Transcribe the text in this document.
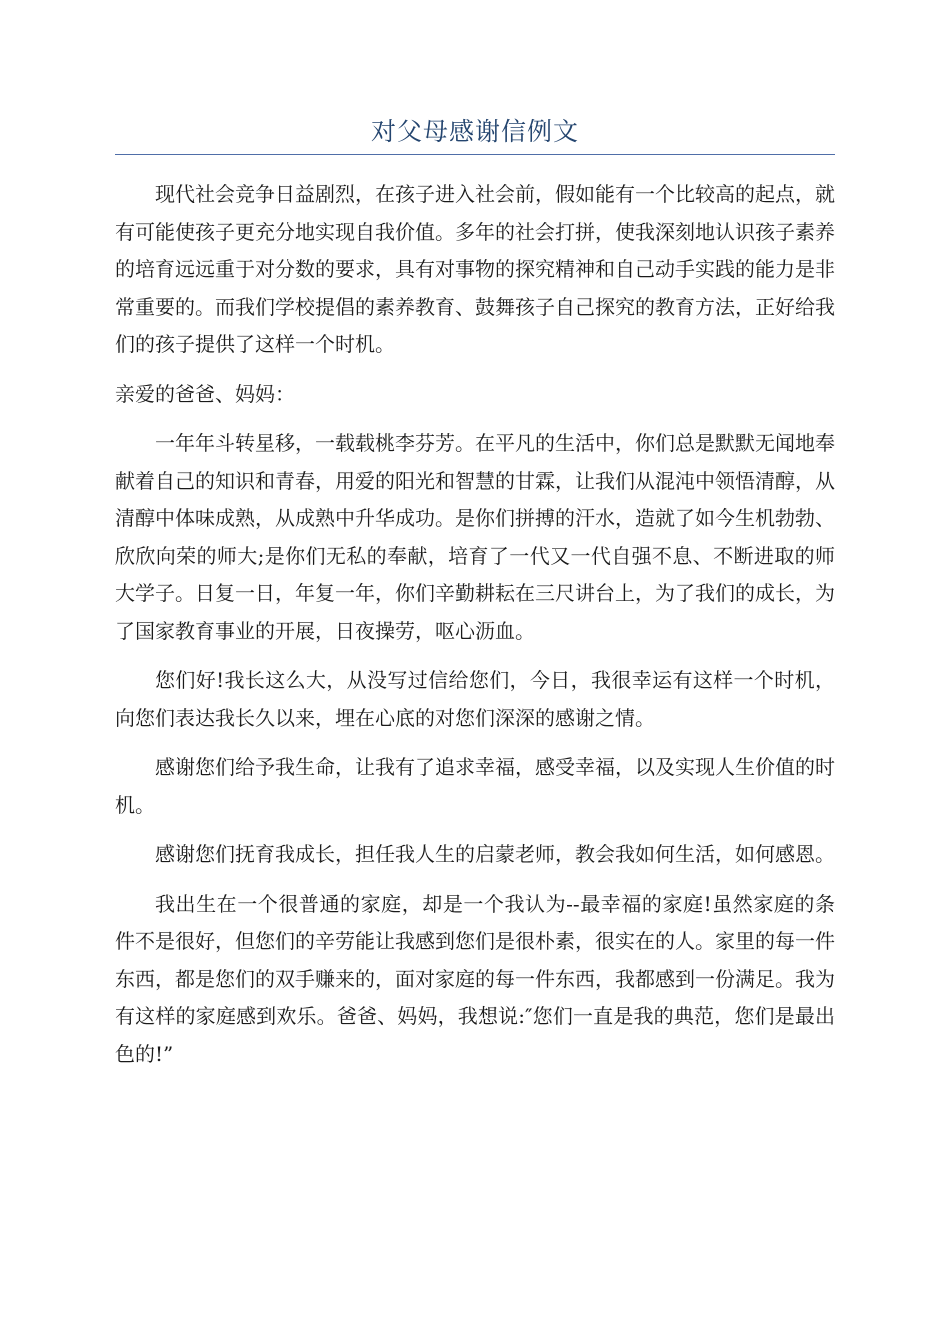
对父母感谢信例文

现代社会竞争日益剧烈，在孩子进入社会前，假如能有一个比较高的起点，就有可能使孩子更充分地实现自我价值。多年的社会打拼，使我深刻地认识孩子素养的培育远远重于对分数的要求，具有对事物的探究精神和自己动手实践的能力是非常重要的。而我们学校提倡的素养教育、鼓舞孩子自己探究的教育方法，正好给我们的孩子提供了这样一个时机。

亲爱的爸爸、妈妈：

一年年斗转星移，一载载桃李芬芳。在平凡的生活中，你们总是默默无闻地奉献着自己的知识和青春，用爱的阳光和智慧的甘霖，让我们从混沌中领悟清醇，从清醇中体味成熟，从成熟中升华成功。是你们拼搏的汗水，造就了如今生机勃勃、欣欣向荣的师大;是你们无私的奉献，培育了一代又一代自强不息、不断进取的师大学子。日复一日，年复一年，你们辛勤耕耘在三尺讲台上，为了我们的成长，为了国家教育事业的开展，日夜操劳，呕心沥血。

您们好!我长这么大，从没写过信给您们，今日，我很幸运有这样一个时机，向您们表达我长久以来，埋在心底的对您们深深的感谢之情。

感谢您们给予我生命，让我有了追求幸福，感受幸福，以及实现人生价值的时机。

感谢您们抚育我成长，担任我人生的启蒙老师，教会我如何生活，如何感恩。

我出生在一个很普通的家庭，却是一个我认为--最幸福的家庭!虽然家庭的条件不是很好，但您们的辛劳能让我感到您们是很朴素，很实在的人。家里的每一件东西，都是您们的双手赚来的，面对家庭的每一件东西，我都感到一份满足。我为有这样的家庭感到欢乐。爸爸、妈妈，我想说:″您们一直是我的典范，您们是最出色的!”
